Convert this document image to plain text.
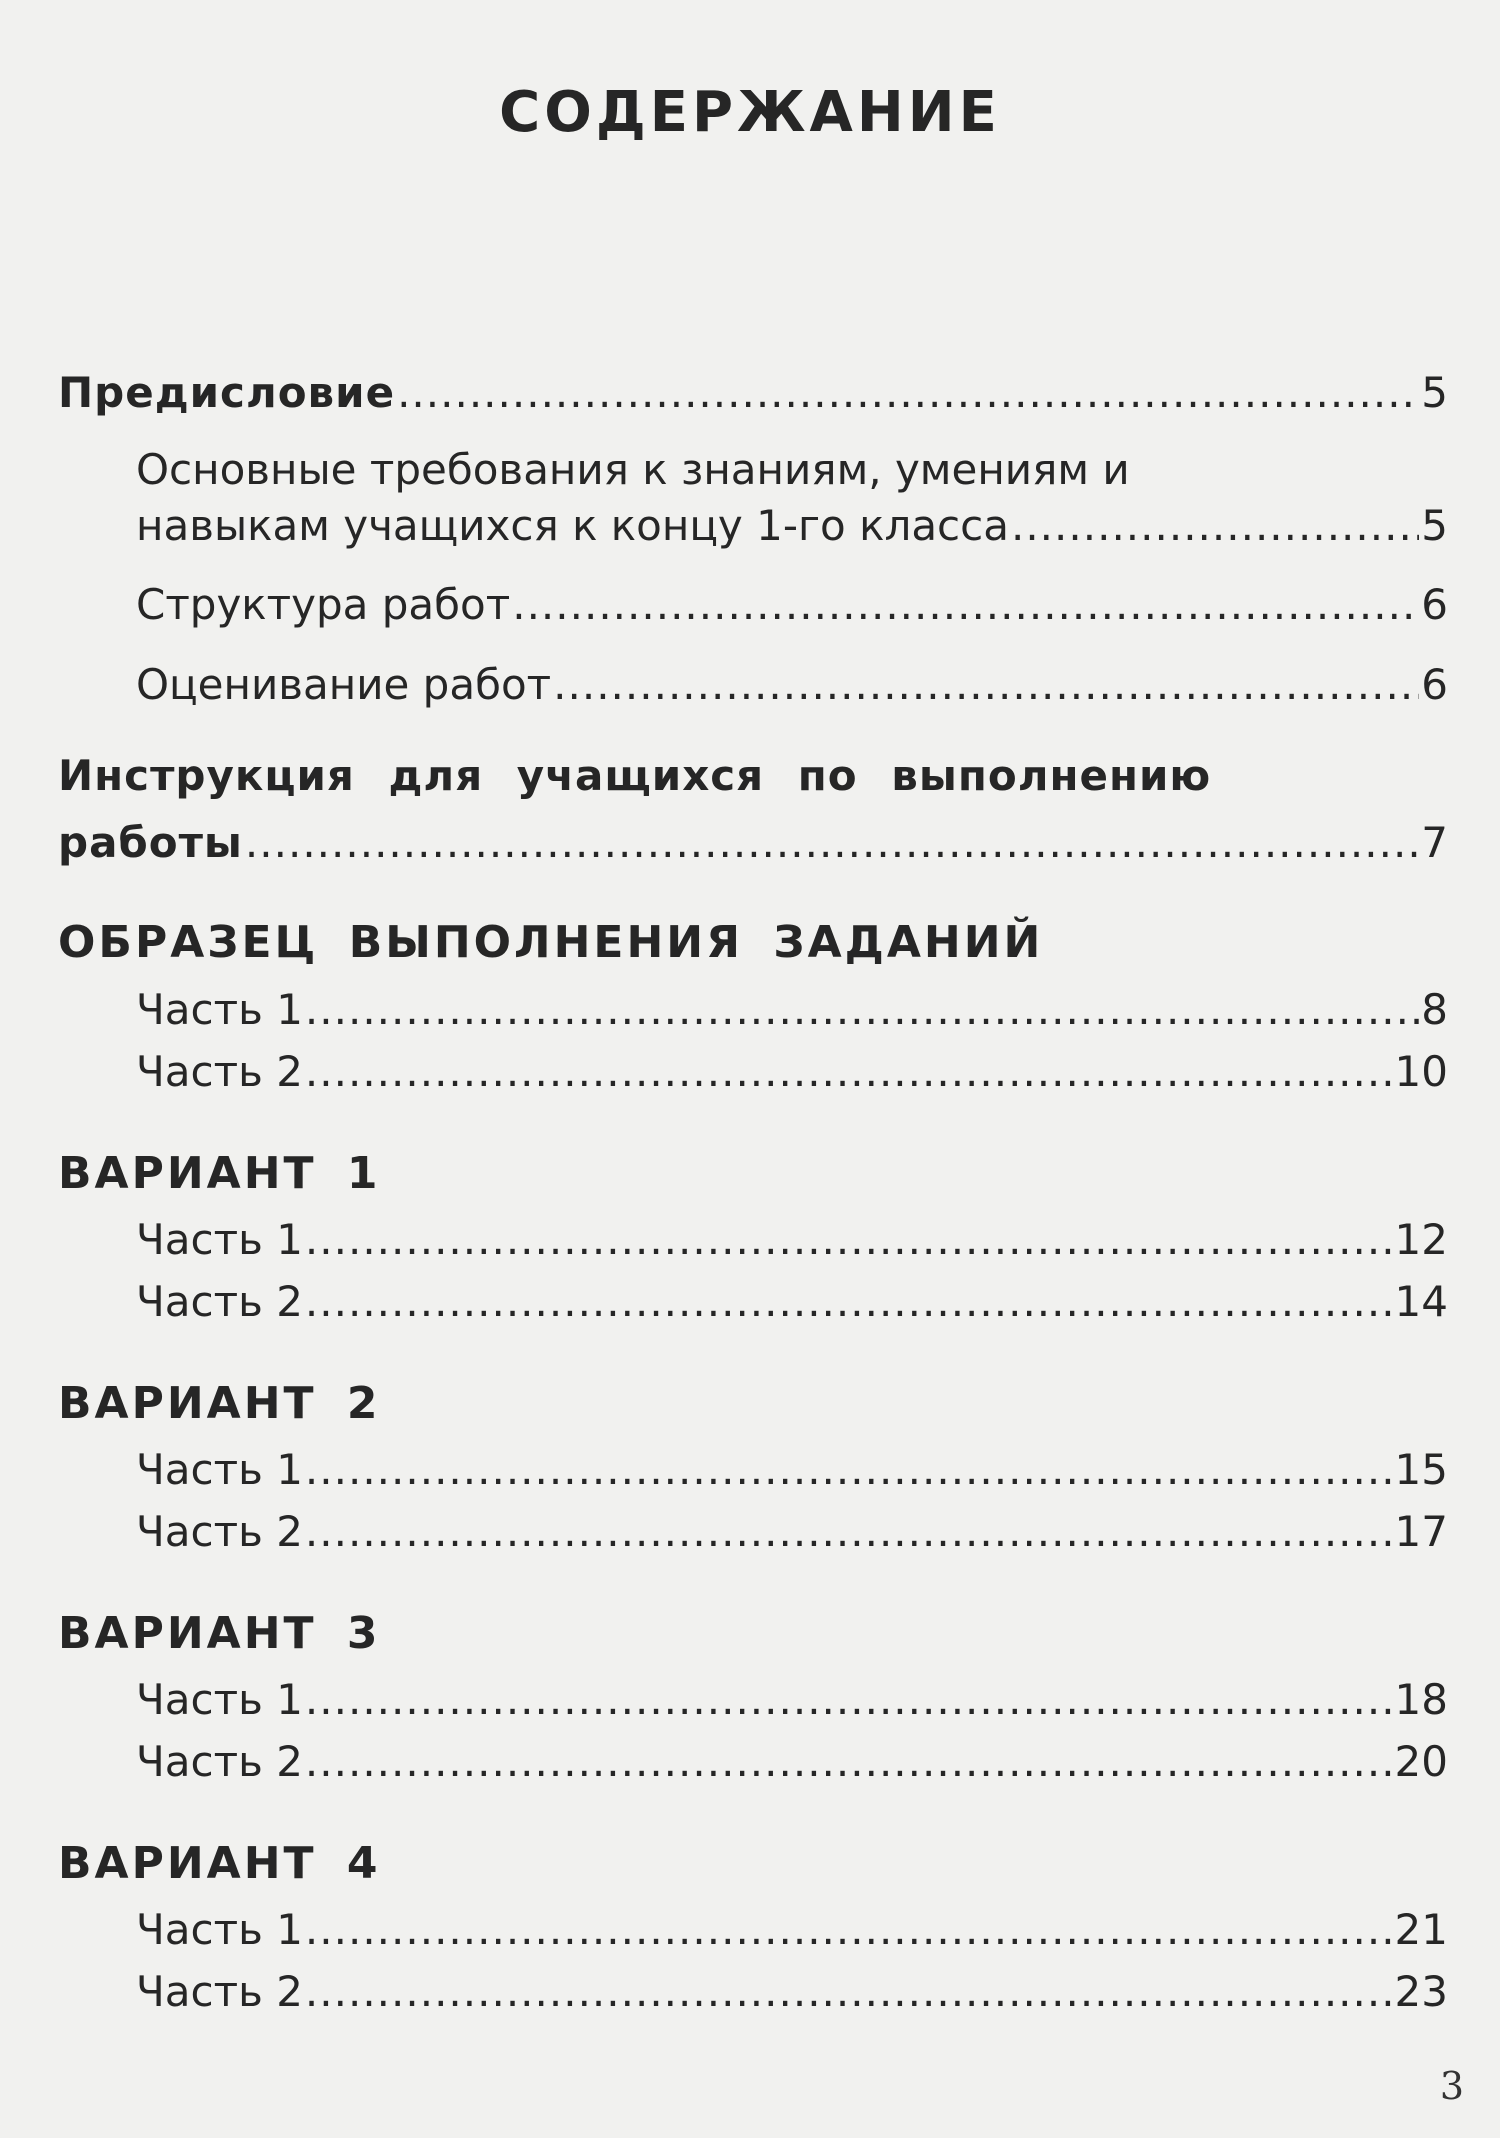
СОДЕРЖАНИЕ
Предисловие .....	5
Основные требования к знаниям, умениям и
навыкам учащихся к концу 1-го класса .....	5
Структура работ .....	6
Оценивание работ .....	6
Инструкция для учащихся по выполнению
работы .....	7
ОБРАЗЕЦ ВЫПОЛНЕНИЯ ЗАДАНИЙ
Часть 1 .....	8
Часть 2 .....	10
ВАРИАНТ 1
Часть 1 .....	12
Часть 2 .....	14
ВАРИАНТ 2
Часть 1 .....	15
Часть 2 .....	17
ВАРИАНТ 3
Часть 1 .....	18
Часть 2 .....	20
ВАРИАНТ 4
Часть 1 .....	21
Часть 2 .....	23
3
